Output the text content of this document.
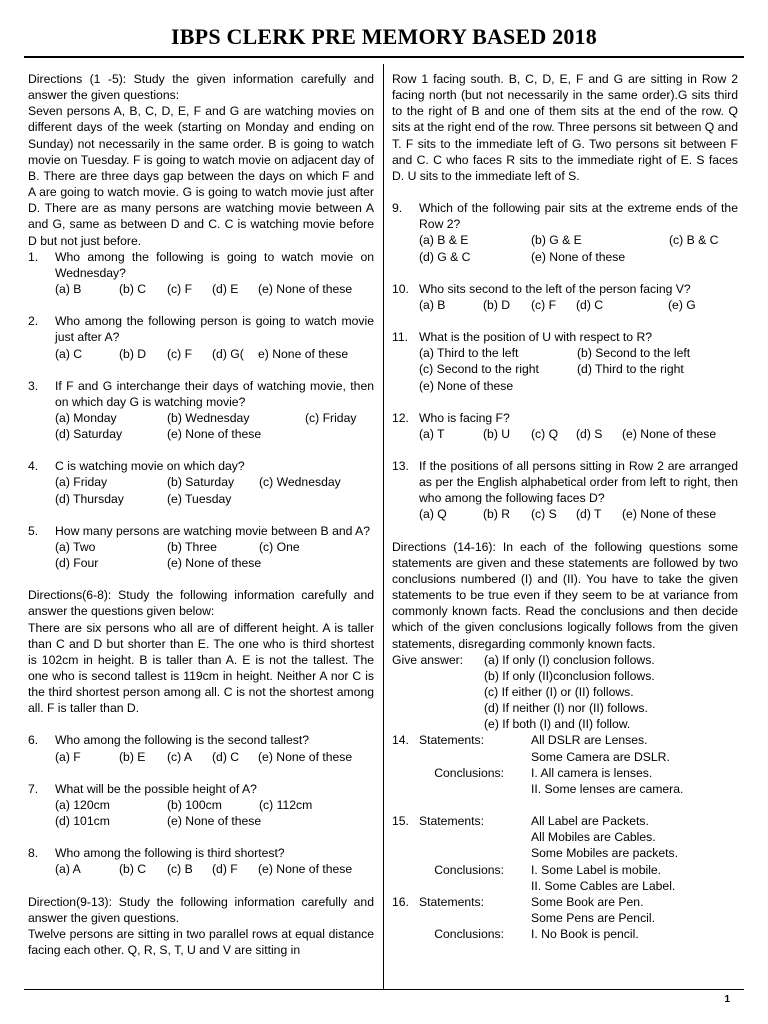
IBPS CLERK PRE MEMORY BASED 2018
Directions (1 -5): Study the given information carefully and answer the given questions:
Seven persons A, B, C, D, E, F and G are watching movies on different days of the week (starting on Monday and ending on Sunday) not necessarily in the same order. B is going to watch movie on Tuesday. F is going to watch movie on adjacent day of B. There are three days gap between the days on which F and A are going to watch movie. G is going to watch movie just after D. There are as many persons are watching movie between A and G, same as between D and C. C is watching movie before D but not just before.
1. Who among the following is going to watch movie on Wednesday?
(a) B	(b) C	(c) F	(d) E	(e) None of these
2. Who among the following person is going to watch movie just after A?
(a) C	(b) D	(c) F	(d) G(	e) None of these
3. If F and G interchange their days of watching movie, then on which day G is watching movie?
(a) Monday	(b) Wednesday	(c) Friday
(d) Saturday	(e) None of these
4. C is watching movie on which day?
(a) Friday	(b) Saturday	(c) Wednesday
(d) Thursday	(e) Tuesday
5. How many persons are watching movie between B and A?
(a) Two	(b) Three	(c) One
(d) Four	(e) None of these
Directions(6-8): Study the following information carefully and answer the questions given below:
There are six persons who all are of different height. A is taller than C and D but shorter than E. The one who is third shortest is 102cm in height. B is taller than A. E is not the tallest. The one who is second tallest is 119cm in height. Neither A nor C is the third shortest person among all. C is not the shortest among all. F is taller than D.
6. Who among the following is the second tallest?
(a) F	(b) E	(c) A	(d) C	(e) None of these
7. What will be the possible height of A?
(a) 120cm	(b) 100cm	(c) 112cm
(d) 101cm	(e) None of these
8. Who among the following is third shortest?
(a) A	(b) C	(c) B	(d) F	(e) None of these
Direction(9-13): Study the following information carefully and answer the given questions.
Twelve persons are sitting in two parallel rows at equal distance facing each other. Q, R, S, T, U and V are sitting in
Row 1 facing south. B, C, D, E, F and G are sitting in Row 2 facing north (but not necessarily in the same order).G sits third to the right of B and one of them sits at the end of the row. Q sits at the right end of the row. Three persons sit between Q and T. F sits to the immediate left of G. Two persons sit between F and C. C who faces R sits to the immediate right of E. S faces D. U sits to the immediate left of S.
9. Which of the following pair sits at the extreme ends of the Row 2?
(a) B & E	(b) G & E	(c) B & C
(d) G & C	(e) None of these
10. Who sits second to the left of the person facing V?
(a) B	(b) D	(c) F	(d) C	(e) G
11. What is the position of U with respect to R?
(a) Third to the left	(b) Second to the left
(c) Second to the right	(d) Third to the right
(e) None of these
12. Who is facing F?
(a) T	(b) U	(c) Q	(d) S	(e) None of these
13. If the positions of all persons sitting in Row 2 are arranged as per the English alphabetical order from left to right, then who among the following faces D?
(a) Q	(b) R	(c) S	(d) T	(e) None of these
Directions (14-16): In each of the following questions some statements are given and these statements are followed by two conclusions numbered (I) and (II). You have to take the given statements to be true even if they seem to be at variance from commonly known facts. Read the conclusions and then decide which of the given conclusions logically follows from the given statements, disregarding commonly known facts.
Give answer:	(a) If only (I) conclusion follows.
(b) If only (II)conclusion follows.
(c) If either (I) or (II) follows.
(d) If neither (I) nor (II) follows.
(e) If both (I) and (II) follow.
14. Statements:	All DSLR are Lenses.
Some Camera are DSLR.
Conclusions:	I. All camera is lenses.
II. Some lenses are camera.
15. Statements:	All Label are Packets.
All Mobiles are Cables.
Some Mobiles are packets.
Conclusions:	I. Some Label is mobile.
II. Some Cables are Label.
16. Statements:	Some Book are Pen.
Some Pens are Pencil.
Conclusions:	I. No Book is pencil.
1
